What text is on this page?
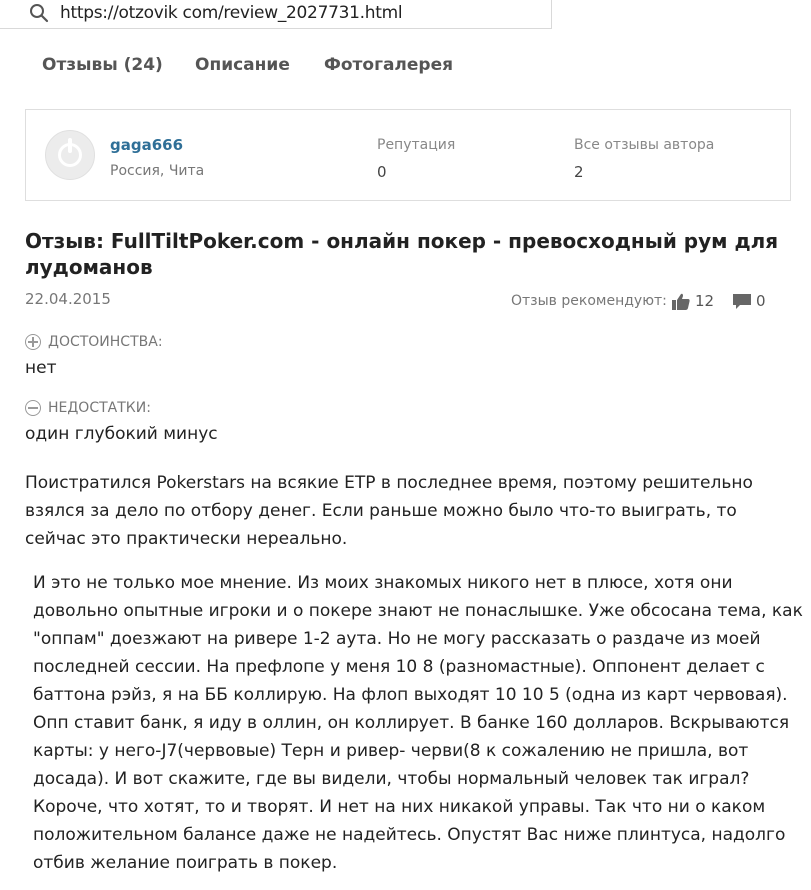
https://otzovik com/review_2027731.html
Отзывы (24) Описание Фотогалерея
gaga666
Россия, Чита
Репутация
0
Все отзывы автора
2
Отзыв: FullTiltPoker.com - онлайн покер - превосходный рум для лудоманов
22.04.2015	Отзыв рекомендуют: 12	0
ДОСТОИНСТВА:
нет
НЕДОСТАТКИ:
один глубокий минус
Поистратился Pokerstars на всякие ETP в последнее время, поэтому решительно взялся за дело по отбору денег. Если раньше можно было что-то выиграть, то сейчас это практически нереально.
И это не только мое мнение. Из моих знакомых никого нет в плюсе, хотя они довольно опытные игроки и о покере знают не понаслышке. Уже обсосана тема, как "оппам" доезжают на ривере 1-2 аута. Но не могу рассказать о раздаче из моей последней сессии. На префлопе у меня 10 8 (разномастные). Оппонент делает с баттона рэйз, я на ББ коллирую. На флоп выходят 10 10 5 (одна из карт червовая). Опп ставит банк, я иду в оллин, он коллирует. В банке 160 долларов. Вскрываются карты: у него-J7(червовые) Терн и ривер- черви(8 к сожалению не пришла, вот досада). И вот скажите, где вы видели, чтобы нормальный человек так играл? Короче, что хотят, то и творят. И нет на них никакой управы. Так что ни о каком положительном балансе даже не надейтесь. Опустят Вас ниже плинтуса, надолго отбив желание поиграть в покер.
